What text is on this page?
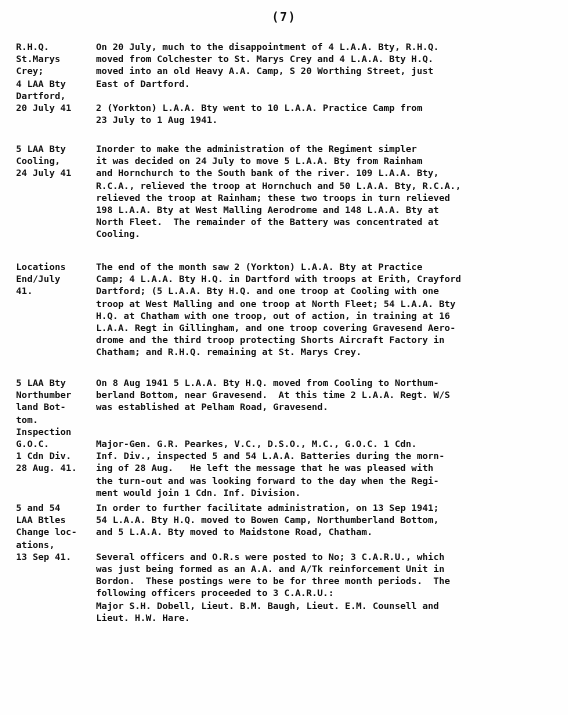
(7)
R.H.Q.
St.Marys
Crey;
4 LAA Bty
Dartford,
20 July 41
On 20 July, much to the disappointment of 4 L.A.A. Bty, R.H.Q.
moved from Colchester to St. Marys Crey and 4 L.A.A. Bty H.Q.
moved into an old Heavy A.A. Camp, S 20 Worthing Street, just
East of Dartford.

2 (Yorkton) L.A.A. Bty went to 10 L.A.A. Practice Camp from
23 July to 1 Aug 1941.
5 LAA Bty
Cooling,
24 July 41
Inorder to make the administration of the Regiment simpler
it was decided on 24 July to move 5 L.A.A. Bty from Rainham
and Hornchurch to the South bank of the river. 109 L.A.A. Bty,
R.C.A., relieved the troop at Hornchuch and 50 L.A.A. Bty, R.C.A.,
relieved the troop at Rainham; these two troops in turn relieved
198 L.A.A. Bty at West Malling Aerodrome and 148 L.A.A. Bty at
North Fleet.  The remainder of the Battery was concentrated at
Cooling.
Locations
End/July
41.
The end of the month saw 2 (Yorkton) L.A.A. Bty at Practice
Camp; 4 L.A.A. Bty H.Q. in Dartford with troops at Erith, Crayford
Dartford; (5 L.A.A. Bty H.Q. and one troop at Cooling with one
troop at West Malling and one troop at North Fleet; 54 L.A.A. Bty
H.Q. at Chatham with one troop, out of action, in training at 16
L.A.A. Regt in Gillingham, and one troop covering Gravesend Aero-
drome and the third troop protecting Shorts Aircraft Factory in
Chatham; and R.H.Q. remaining at St. Marys Crey.
5 LAA Bty
Northumber
land Bot-
tom.
Inspection
G.O.C.
1 Cdn Div.
28 Aug. 41.
On 8 Aug 1941 5 L.A.A. Bty H.Q. moved from Cooling to Northum-
berland Bottom, near Gravesend.  At this time 2 L.A.A. Regt. W/S
was established at Pelham Road, Gravesend.

Major-Gen. G.R. Pearkes, V.C., D.S.O., M.C., G.O.C. 1 Cdn.
Inf. Div., inspected 5 and 54 L.A.A. Batteries during the morn-
ing of 28 Aug.   He left the message that he was pleased with
the turn-out and was looking forward to the day when the Regi-
ment would join 1 Cdn. Inf. Division.
5 and 54
LAA Btles
Change loc-
ations,
13 Sep 41.
In order to further facilitate administration, on 13 Sep 1941;
54 L.A.A. Bty H.Q. moved to Bowen Camp, Northumberland Bottom,
and 5 L.A.A. Bty moved to Maidstone Road, Chatham.

Several officers and O.R.s were posted to No; 3 C.A.R.U., which
was just being formed as an A.A. and A/Tk reinforcement Unit in
Bordon.  These postings were to be for three month periods.  The
following officers proceeded to 3 C.A.R.U.:
Major S.H. Dobell, Lieut. B.M. Baugh, Lieut. E.M. Counsell and
Lieut. H.W. Hare.
